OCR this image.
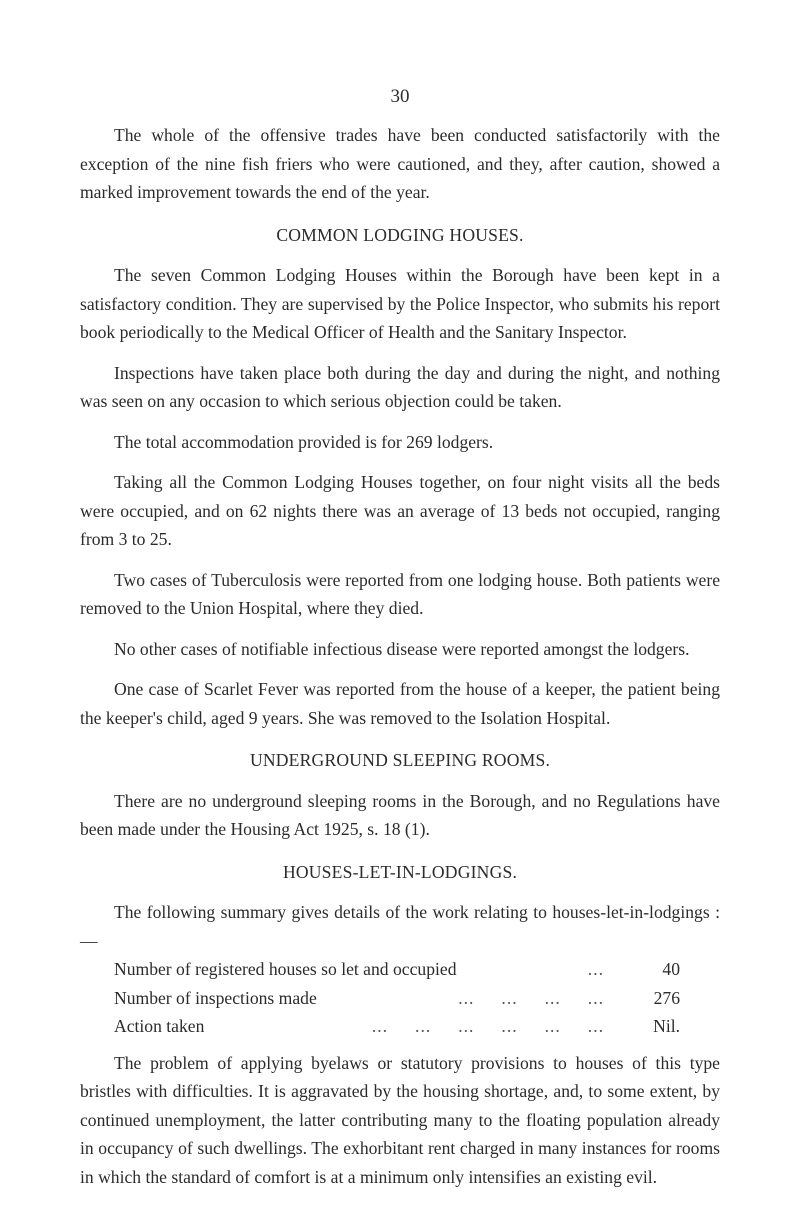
30

The whole of the offensive trades have been conducted satisfactorily with the exception of the nine fish friers who were cautioned, and they, after caution, showed a marked improvement towards the end of the year.

COMMON LODGING HOUSES.

The seven Common Lodging Houses within the Borough have been kept in a satisfactory condition. They are supervised by the Police Inspector, who submits his report book periodically to the Medical Officer of Health and the Sanitary Inspector.

Inspections have taken place both during the day and during the night, and nothing was seen on any occasion to which serious objection could be taken.

The total accommodation provided is for 269 lodgers.

Taking all the Common Lodging Houses together, on four night visits all the beds were occupied, and on 62 nights there was an average of 13 beds not occupied, ranging from 3 to 25.

Two cases of Tuberculosis were reported from one lodging house. Both patients were removed to the Union Hospital, where they died.

No other cases of notifiable infectious disease were reported amongst the lodgers.

One case of Scarlet Fever was reported from the house of a keeper, the patient being the keeper's child, aged 9 years. She was removed to the Isolation Hospital.

UNDERGROUND SLEEPING ROOMS.

There are no underground sleeping rooms in the Borough, and no Regulations have been made under the Housing Act 1925, s. 18 (1).

HOUSES-LET-IN-LODGINGS.

The following summary gives details of the work relating to houses-let-in-lodgings :—

Number of registered houses so let and occupied	...	40
Number of inspections made	...     ...     ...     ...	276
Action taken	...     ...     ...     ...     ...     ...	Nil.

The problem of applying byelaws or statutory provisions to houses of this type bristles with difficulties. It is aggravated by the housing shortage, and, to some extent, by continued unemployment, the latter contributing many to the floating population already in occupancy of such dwellings. The exhorbitant rent charged in many instances for rooms in which the standard of comfort is at a minimum only intensifies an existing evil.
